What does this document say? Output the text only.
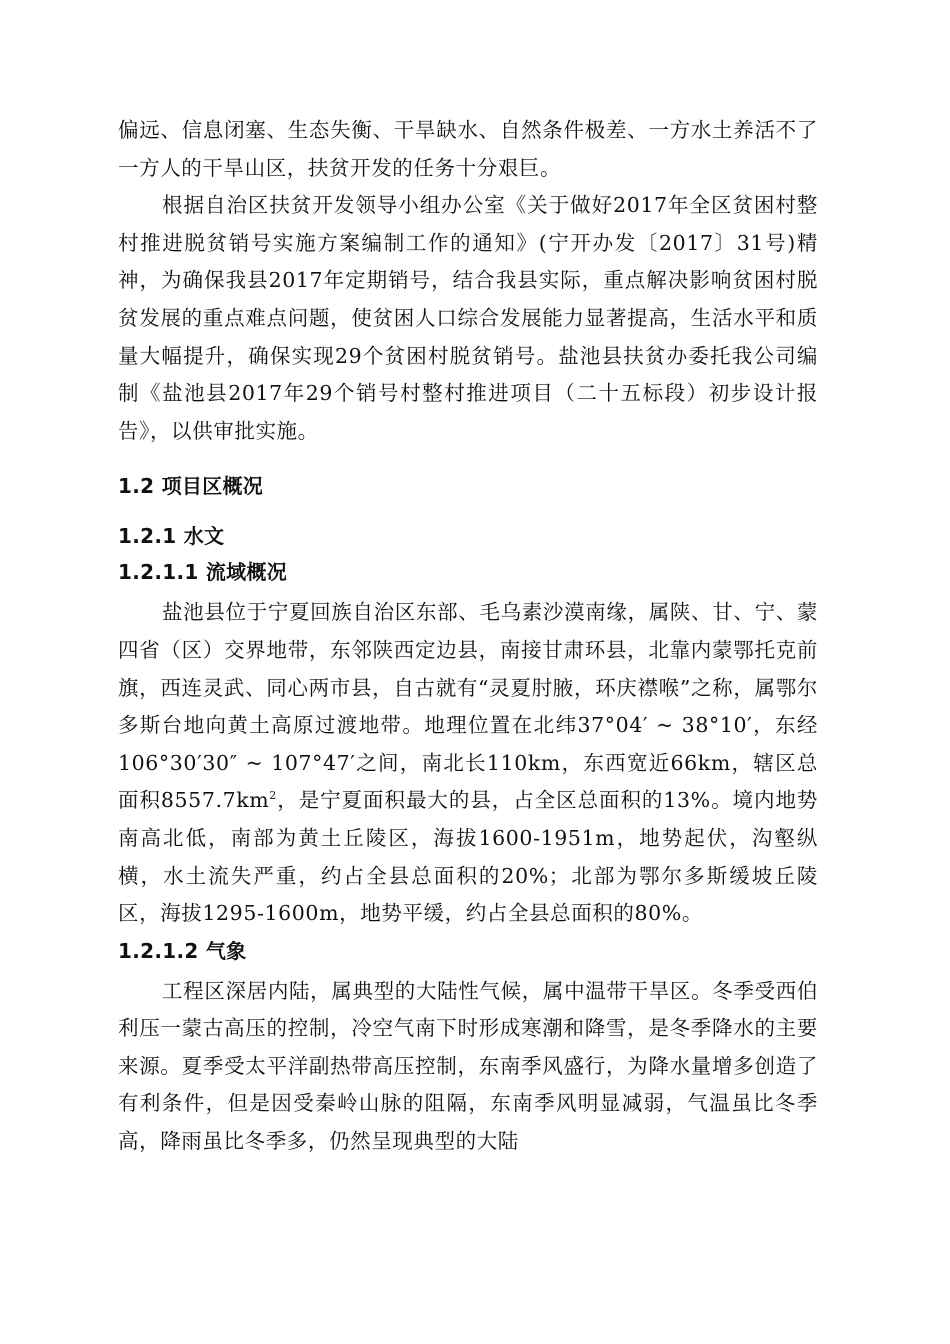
偏远、信息闭塞、生态失衡、干旱缺水、自然条件极差、一方水土养活不了一方人的干旱山区，扶贫开发的任务十分艰巨。

根据自治区扶贫开发领导小组办公室《关于做好2017年全区贫困村整村推进脱贫销号实施方案编制工作的通知》(宁开办发〔2017〕31号)精神，为确保我县2017年定期销号，结合我县实际，重点解决影响贫困村脱贫发展的重点难点问题，使贫困人口综合发展能力显著提高，生活水平和质量大幅提升，确保实现29个贫困村脱贫销号。盐池县扶贫办委托我公司编制《盐池县2017年29个销号村整村推进项目（二十五标段）初步设计报告》，以供审批实施。

1.2 项目区概况
1.2.1 水文
1.2.1.1 流域概况

盐池县位于宁夏回族自治区东部、毛乌素沙漠南缘，属陕、甘、宁、蒙四省（区）交界地带，东邻陕西定边县，南接甘肃环县，北靠内蒙鄂托克前旗，西连灵武、同心两市县，自古就有“灵夏肘腋，环庆襟喉”之称，属鄂尔多斯台地向黄土高原过渡地带。地理位置在北纬37°04′ ~ 38°10′，东经106°30′30″ ~ 107°47′之间，南北长110km，东西宽近66km，辖区总面积$8557.7km^2$，是宁夏面积最大的县，占全区总面积的13%。境内地势南高北低，南部为黄土丘陵区，海拔1600-1951m，地势起伏，沟壑纵横，水土流失严重，约占全县总面积的20%；北部为鄂尔多斯缓坡丘陵区，海拔1295-1600m，地势平缓，约占全县总面积的80%。

1.2.1.2 气象

工程区深居内陆，属典型的大陆性气候，属中温带干旱区。冬季受西伯利压一蒙古高压的控制，冷空气南下时形成寒潮和降雪，是冬季降水的主要来源。夏季受太平洋副热带高压控制，东南季风盛行，为降水量增多创造了有利条件，但是因受秦岭山脉的阻隔，东南季风明显减弱，气温虽比冬季高，降雨虽比冬季多，仍然呈现典型的大陆
